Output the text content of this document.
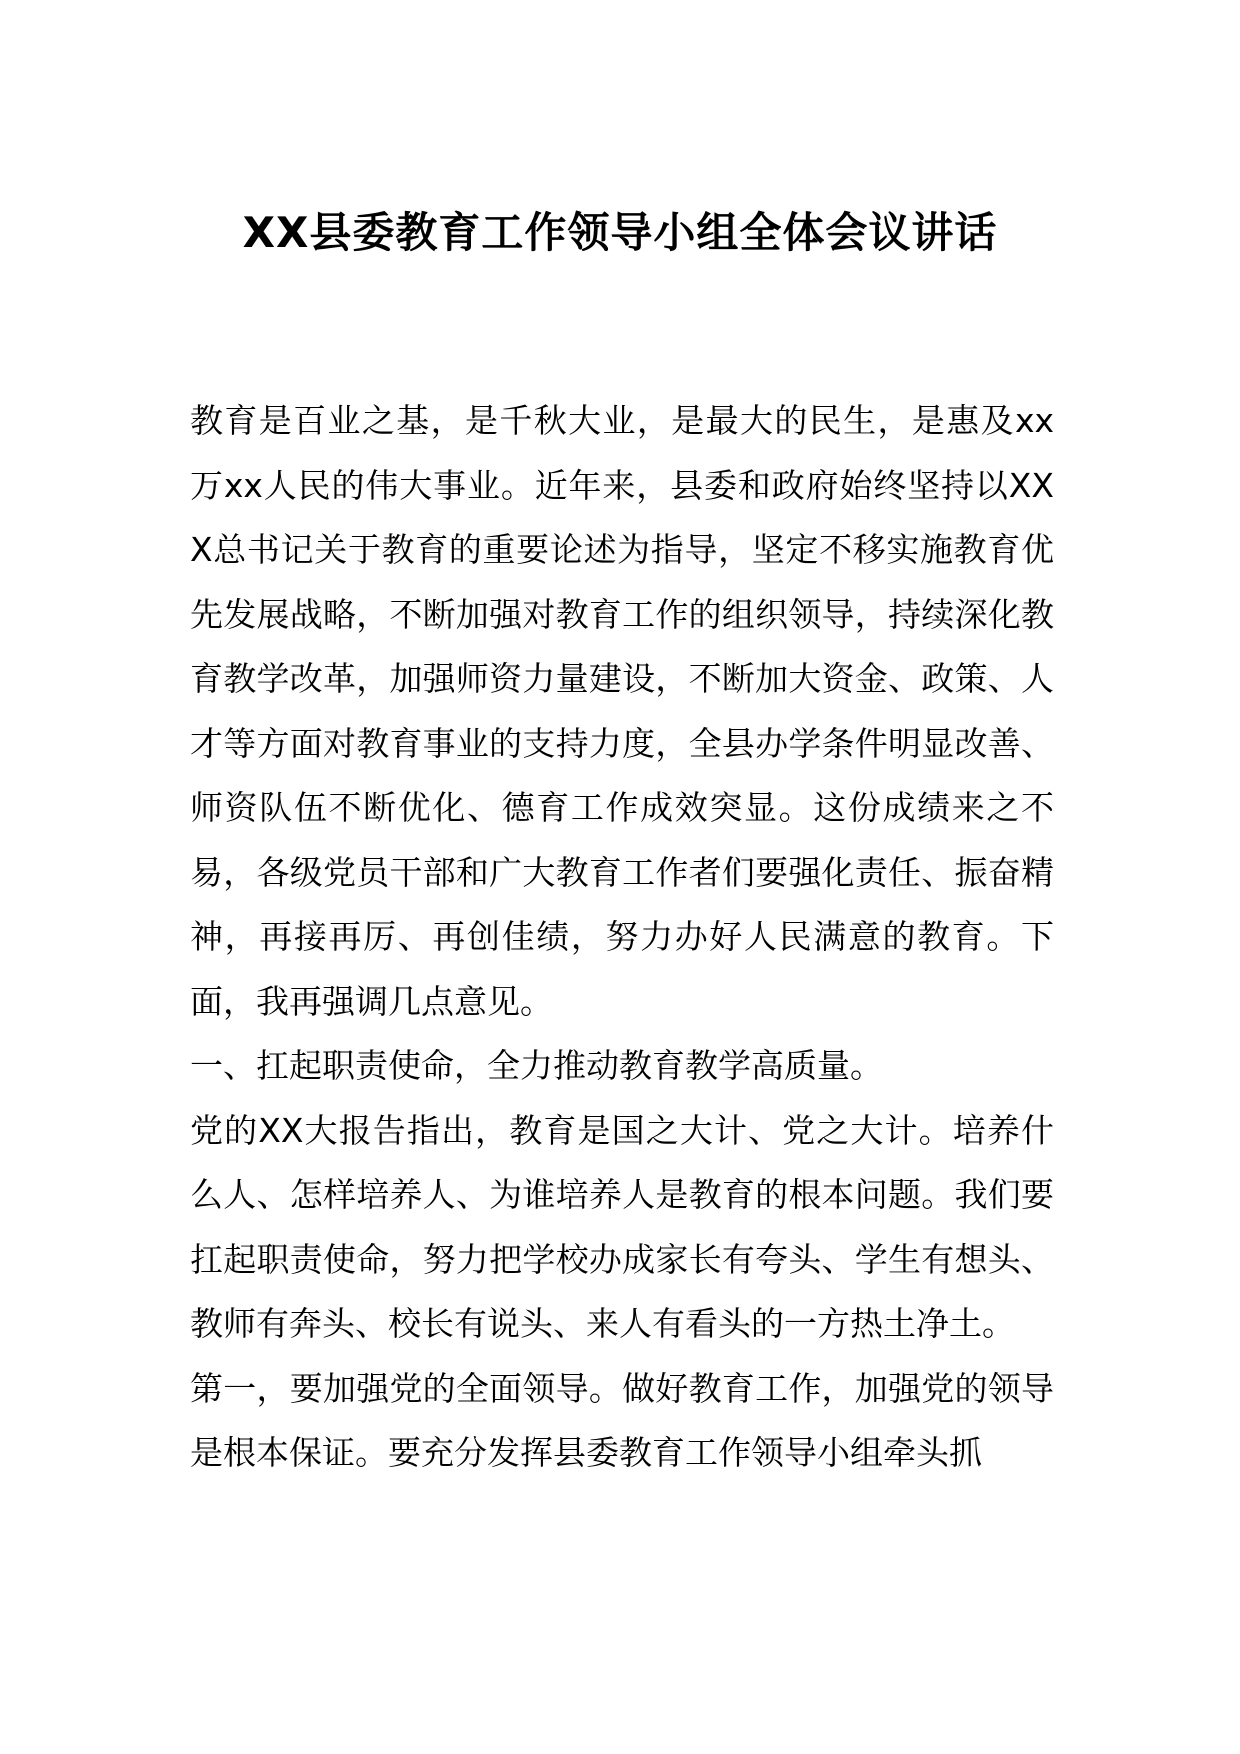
XX县委教育工作领导小组全体会议讲话

教育是百业之基，是千秋大业，是最大的民生，是惠及xx万xx人民的伟大事业。近年来，县委和政府始终坚持以XXX总书记关于教育的重要论述为指导，坚定不移实施教育优先发展战略，不断加强对教育工作的组织领导，持续深化教育教学改革，加强师资力量建设，不断加大资金、政策、人才等方面对教育事业的支持力度，全县办学条件明显改善、师资队伍不断优化、德育工作成效突显。这份成绩来之不易，各级党员干部和广大教育工作者们要强化责任、振奋精神，再接再厉、再创佳绩，努力办好人民满意的教育。下面，我再强调几点意见。

一、扛起职责使命，全力推动教育教学高质量。

党的XX大报告指出，教育是国之大计、党之大计。培养什么人、怎样培养人、为谁培养人是教育的根本问题。我们要扛起职责使命，努力把学校办成家长有夸头、学生有想头、教师有奔头、校长有说头、来人有看头的一方热土净土。

第一，要加强党的全面领导。做好教育工作，加强党的领导是根本保证。要充分发挥县委教育工作领导小组牵头抓
